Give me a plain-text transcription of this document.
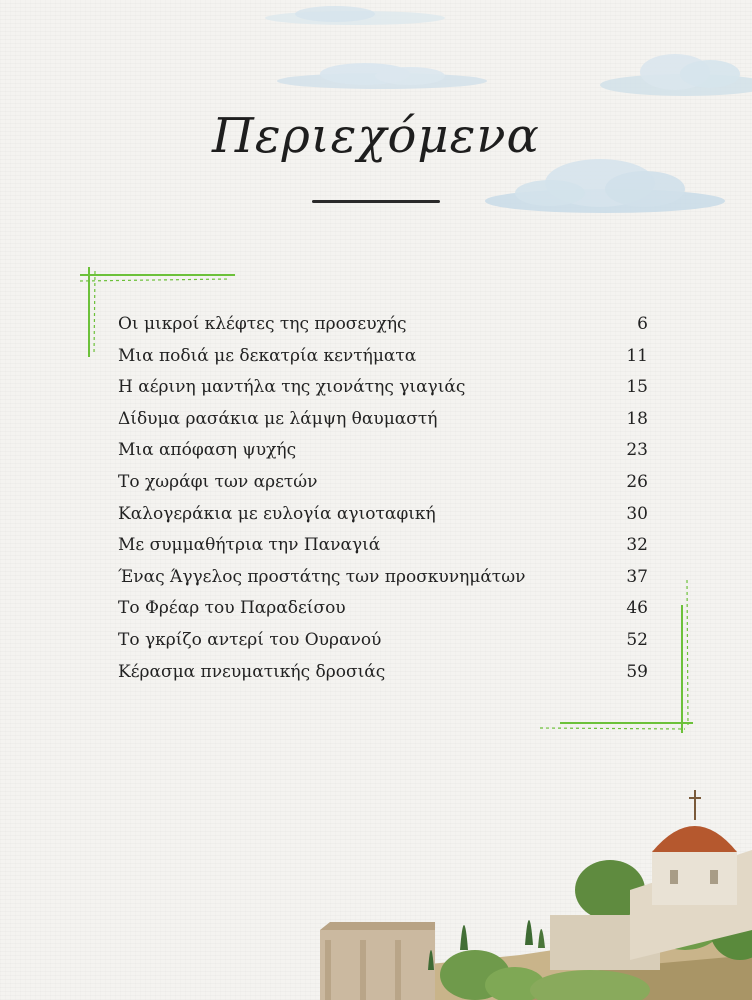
Περιεχόμενα
Οι μικροί κλέφτες της προσευχής	6
Μια ποδιά με δεκατρία κεντήματα	11
Η αέρινη μαντήλα της χιονάτης γιαγιάς	15
Δίδυμα ρασάκια με λάμψη θαυμαστή	18
Μια απόφαση ψυχής	23
Το χωράφι των αρετών	26
Καλογεράκια με ευλογία αγιοταφική	30
Με συμμαθήτρια την Παναγιά	32
Ένας Άγγελος προστάτης των προσκυνημάτων	37
Το Φρέαρ του Παραδείσου	46
Το γκρίζο αντερί του Ουρανού	52
Κέρασμα πνευματικής δροσιάς	59
